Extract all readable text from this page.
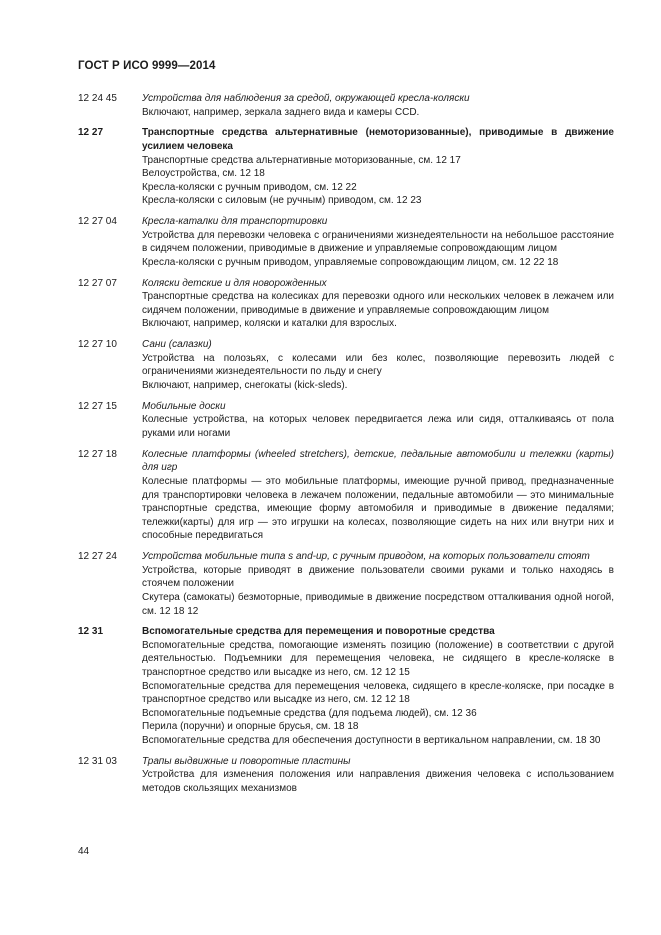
ГОСТ Р ИСО 9999—2014
12 24 45	Устройства для наблюдения за средой, окружающей кресла-коляски
Включают, например, зеркала заднего вида и камеры CCD.
12 27	Транспортные средства альтернативные (немоторизованные), приводимые в движение усилием человека
Транспортные средства альтернативные моторизованные, см. 12 17
Велоустройства, см. 12 18
Кресла-коляски с ручным приводом, см. 12 22
Кресла-коляски с силовым (не ручным) приводом, см. 12 23
12 27 04	Кресла-каталки для транспортировки
Устройства для перевозки человека с ограничениями жизнедеятельности на небольшое расстояние в сидячем положении, приводимые в движение и управляемые сопровождающим лицом
Кресла-коляски с ручным приводом, управляемые сопровождающим лицом, см. 12 22 18
12 27 07	Коляски детские и для новорожденных
Транспортные средства на колесиках для перевозки одного или нескольких человек в лежачем или сидячем положении, приводимые в движение и управляемые сопровождающим лицом
Включают, например, коляски и каталки для взрослых.
12 27 10	Сани (салазки)
Устройства на полозьях, с колесами или без колес, позволяющие перевозить людей с ограничениями жизнедеятельности по льду и снегу
Включают, например, снегокаты (kick-sleds).
12 27 15	Мобильные доски
Колесные устройства, на которых человек передвигается лежа или сидя, отталкиваясь от пола руками или ногами
12 27 18	Колесные платформы (wheeled stretchers), детские, педальные автомобили и тележки (карты) для игр
Колесные платформы — это мобильные платформы, имеющие ручной привод, предназначенные для транспортировки человека в лежачем положении, педальные автомобили — это минимальные транспортные средства, имеющие форму автомобиля и приводимые в движение педалями; тележки(карты) для игр — это игрушки на колесах, позволяющие сидеть на них или внутри них и способные передвигаться
12 27 24	Устройства мобильные типа s and-up, с ручным приводом, на которых пользователи стоят
Устройства, которые приводят в движение пользователи своими руками и только находясь в стоячем положении
Скутера (самокаты) безмоторные, приводимые в движение посредством отталкивания одной ногой, см. 12 18 12
12 31	Вспомогательные средства для перемещения и поворотные средства
Вспомогательные средства, помогающие изменять позицию (положение) в соответствии с другой деятельностью. Подъемники для перемещения человека, не сидящего в кресле-коляске в транспортное средство или высадке из него, см. 12 12 15
Вспомогательные средства для перемещения человека, сидящего в кресле-коляске, при посадке в транспортное средство или высадке из него, см. 12 12 18
Вспомогательные подъемные средства (для подъема людей), см. 12 36
Перила (поручни) и опорные брусья, см. 18 18
Вспомогательные средства для обеспечения доступности в вертикальном направлении, см. 18 30
12 31 03	Трапы выдвижные и поворотные пластины
Устройства для изменения положения или направления движения человека с использованием методов скользящих механизмов
44
